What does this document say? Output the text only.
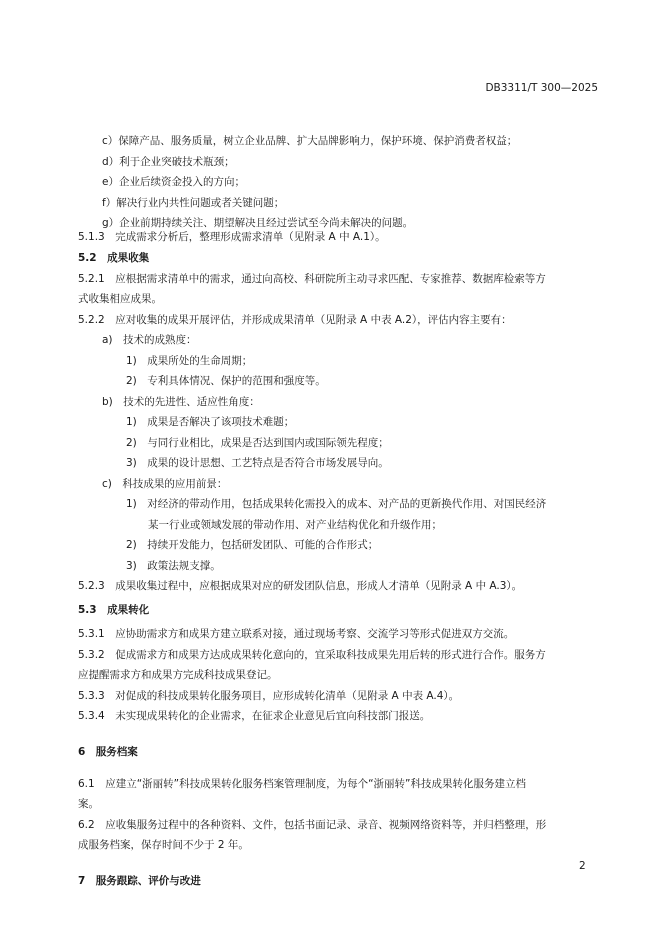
DB3311/T 300—2025
c）保障产品、服务质量，树立企业品牌、扩大品牌影响力，保护环境、保护消费者权益；
d）利于企业突破技术瓶颈；
e）企业后续资金投入的方向；
f）解决行业内共性问题或者关键问题；
g）企业前期持续关注、期望解决且经过尝试至今尚未解决的问题。
5.1.3　完成需求分析后，整理形成需求清单（见附录 A 中 A.1）。
5.2　成果收集
5.2.1　应根据需求清单中的需求，通过向高校、科研院所主动寻求匹配、专家推荐、数据库检索等方
式收集相应成果。
5.2.2　应对收集的成果开展评估，并形成成果清单（见附录 A 中表 A.2），评估内容主要有：
a)　技术的成熟度：
1)　成果所处的生命周期；
2)　专利具体情况、保护的范围和强度等。
b)　技术的先进性、适应性角度：
1)　成果是否解决了该项技术难题；
2)　与同行业相比，成果是否达到国内或国际领先程度；
3)　成果的设计思想、工艺特点是否符合市场发展导向。
c)　科技成果的应用前景：
1)　对经济的带动作用，包括成果转化需投入的成本、对产品的更新换代作用、对国民经济
某一行业或领域发展的带动作用、对产业结构优化和升级作用；
2)　持续开发能力，包括研发团队、可能的合作形式；
3)　政策法规支撑。
5.2.3　成果收集过程中，应根据成果对应的研发团队信息，形成人才清单（见附录 A 中 A.3）。
5.3　成果转化
5.3.1　应协助需求方和成果方建立联系对接，通过现场考察、交流学习等形式促进双方交流。
5.3.2　促成需求方和成果方达成成果转化意向的，宜采取科技成果先用后转的形式进行合作。服务方
应提醒需求方和成果方完成科技成果登记。
5.3.3　对促成的科技成果转化服务项目，应形成转化清单（见附录 A 中表 A.4）。
5.3.4　未实现成果转化的企业需求，在征求企业意见后宜向科技部门报送。
6　服务档案
6.1　应建立“浙丽转”科技成果转化服务档案管理制度，为每个“浙丽转”科技成果转化服务建立档
案。
6.2　应收集服务过程中的各种资料、文件，包括书面记录、录音、视频网络资料等，并归档整理，形
成服务档案，保存时间不少于 2 年。
7　服务跟踪、评价与改进
2
